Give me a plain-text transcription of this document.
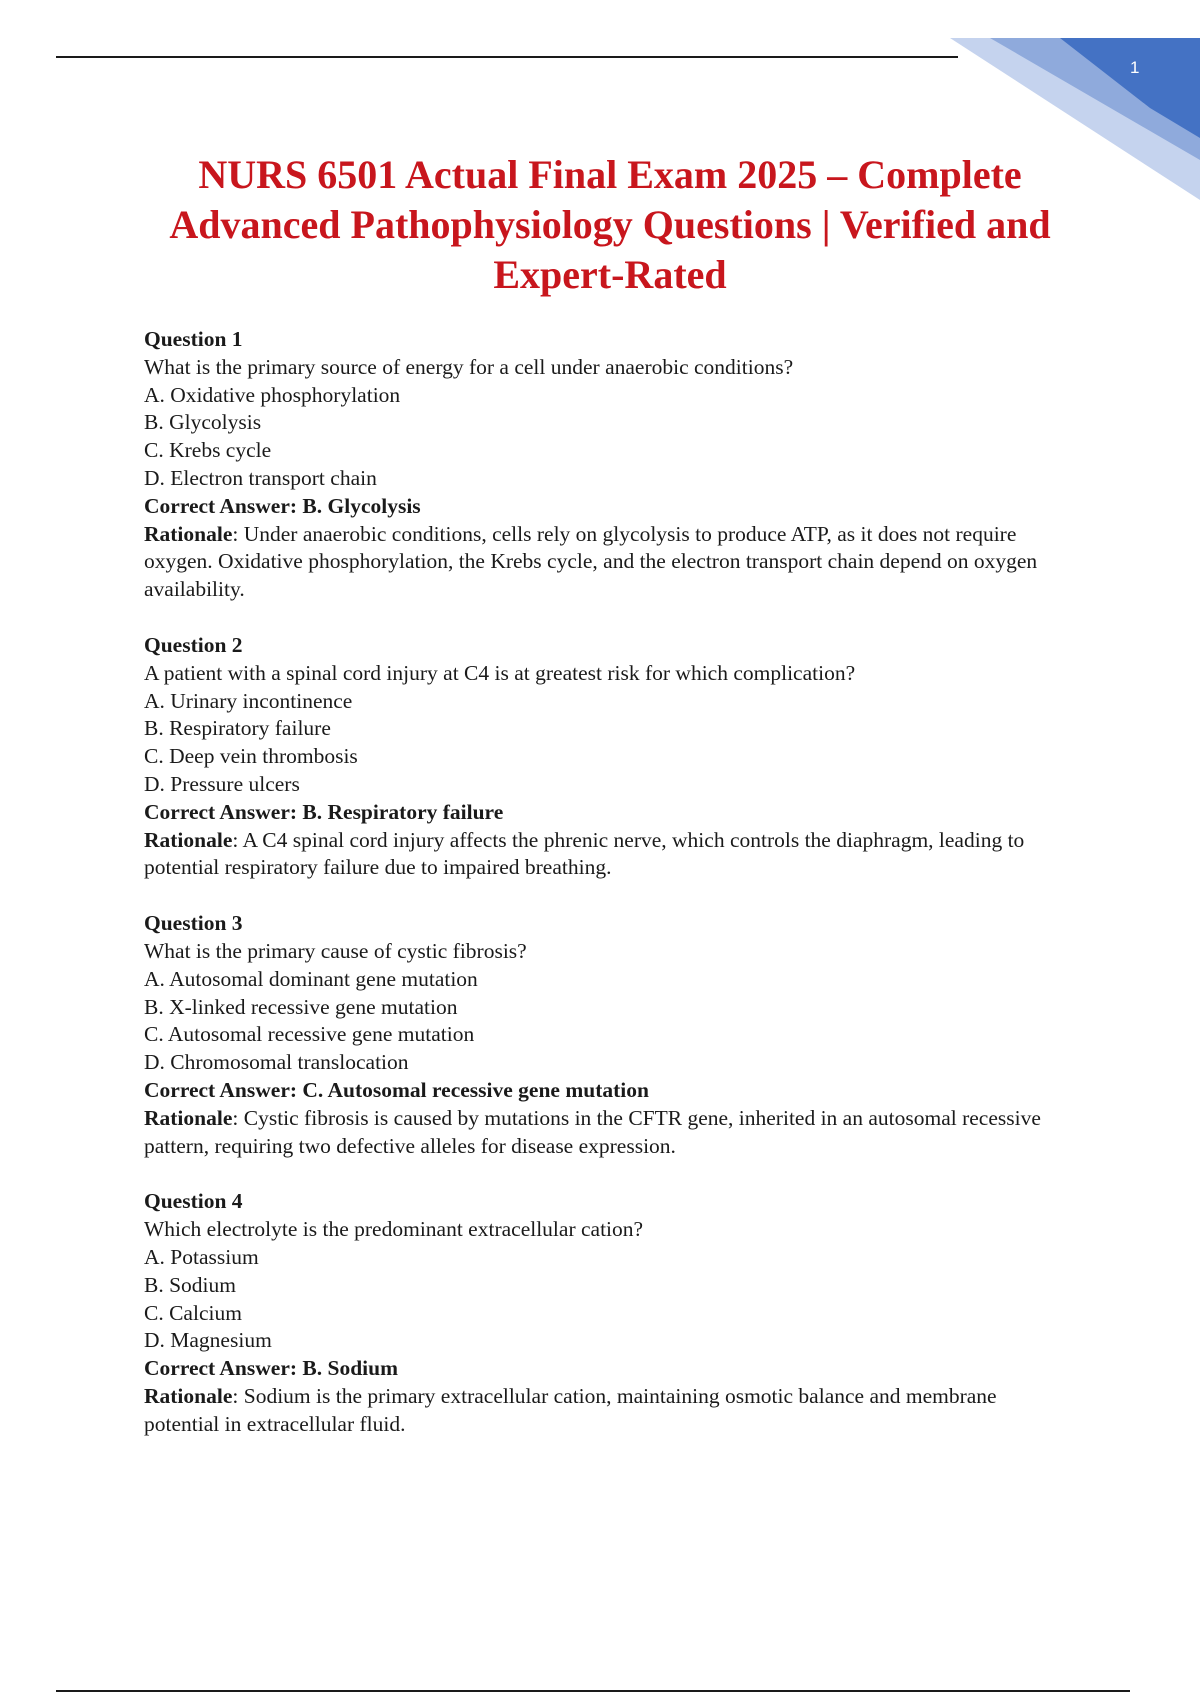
1
NURS 6501 Actual Final Exam 2025 – Complete Advanced Pathophysiology Questions | Verified and Expert-Rated
Question 1
What is the primary source of energy for a cell under anaerobic conditions?
A. Oxidative phosphorylation
B. Glycolysis
C. Krebs cycle
D. Electron transport chain
Correct Answer: B. Glycolysis
Rationale: Under anaerobic conditions, cells rely on glycolysis to produce ATP, as it does not require oxygen. Oxidative phosphorylation, the Krebs cycle, and the electron transport chain depend on oxygen availability.
Question 2
A patient with a spinal cord injury at C4 is at greatest risk for which complication?
A. Urinary incontinence
B. Respiratory failure
C. Deep vein thrombosis
D. Pressure ulcers
Correct Answer: B. Respiratory failure
Rationale: A C4 spinal cord injury affects the phrenic nerve, which controls the diaphragm, leading to potential respiratory failure due to impaired breathing.
Question 3
What is the primary cause of cystic fibrosis?
A. Autosomal dominant gene mutation
B. X-linked recessive gene mutation
C. Autosomal recessive gene mutation
D. Chromosomal translocation
Correct Answer: C. Autosomal recessive gene mutation
Rationale: Cystic fibrosis is caused by mutations in the CFTR gene, inherited in an autosomal recessive pattern, requiring two defective alleles for disease expression.
Question 4
Which electrolyte is the predominant extracellular cation?
A. Potassium
B. Sodium
C. Calcium
D. Magnesium
Correct Answer: B. Sodium
Rationale: Sodium is the primary extracellular cation, maintaining osmotic balance and membrane potential in extracellular fluid.
